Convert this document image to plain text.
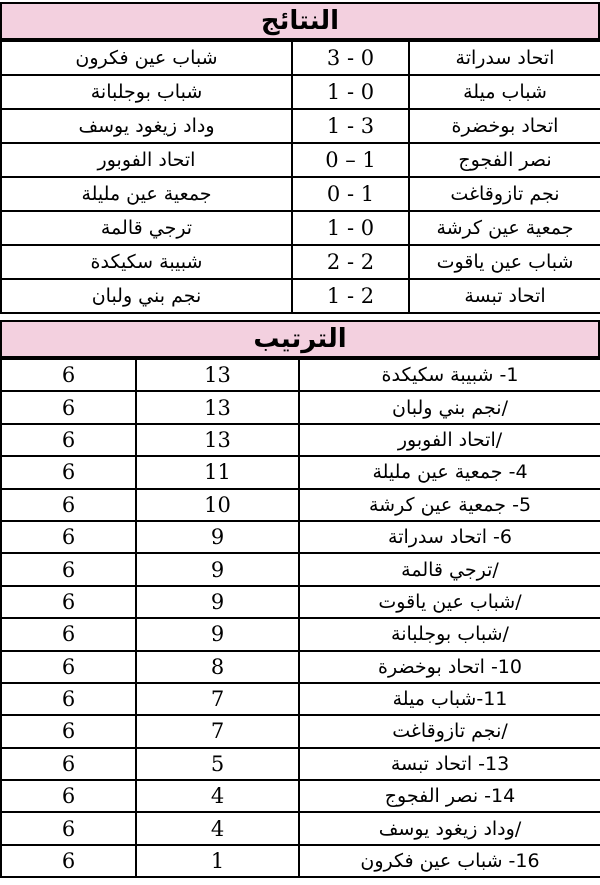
النتائج
شباب عين فكرون	3 - 0	اتحاد سدراتة
شباب بوجلبانة	1 - 0	شباب ميلة
وداد زيغود يوسف	1 - 3	اتحاد بوخضرة
اتحاد الفوبور	0 – 1	نصر الفجوج
جمعية عين مليلة	0 - 1	نجم تازوقاغت
ترجي قالمة	1 - 0	جمعية عين كرشة
شبيبة سكيكدة	2 - 2	شباب عين ياقوت
نجم بني ولبان	1 - 2	اتحاد تبسة
الترتيب
6	13	1- شبيبة سكيكدة
6	13	/نجم بني ولبان
6	13	/اتحاد الفوبور
6	11	4- جمعية عين مليلة
6	10	5- جمعية عين كرشة
6	9	6- اتحاد سدراتة
6	9	/ترجي قالمة
6	9	/شباب عين ياقوت
6	9	/شباب بوجلبانة
6	8	10- اتحاد بوخضرة
6	7	11-شباب ميلة
6	7	/نجم تازوقاغت
6	5	13- اتحاد تبسة
6	4	14- نصر الفجوج
6	4	/وداد زيغود يوسف
6	1	16- شباب عين فكرون
